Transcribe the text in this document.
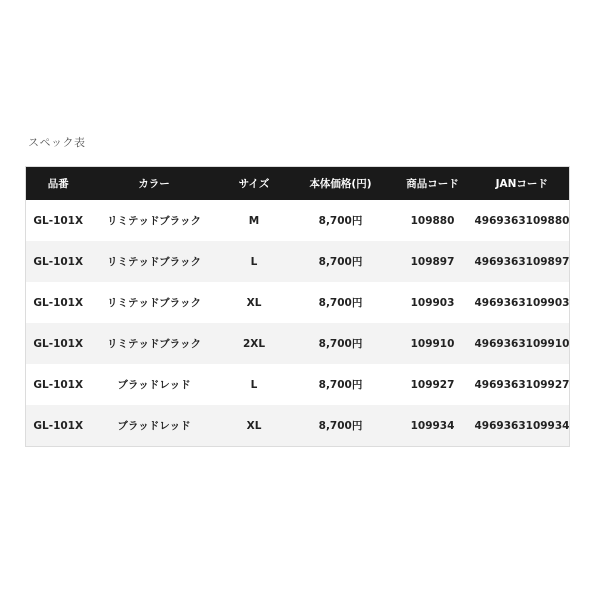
スペック表
品番	カラー	サイズ	本体価格(円)	商品コード	JANコード
GL-101X	リミテッドブラック	M	8,700円	109880	4969363109880
GL-101X	リミテッドブラック	L	8,700円	109897	4969363109897
GL-101X	リミテッドブラック	XL	8,700円	109903	4969363109903
GL-101X	リミテッドブラック	2XL	8,700円	109910	4969363109910
GL-101X	ブラッドレッド	L	8,700円	109927	4969363109927
GL-101X	ブラッドレッド	XL	8,700円	109934	4969363109934
